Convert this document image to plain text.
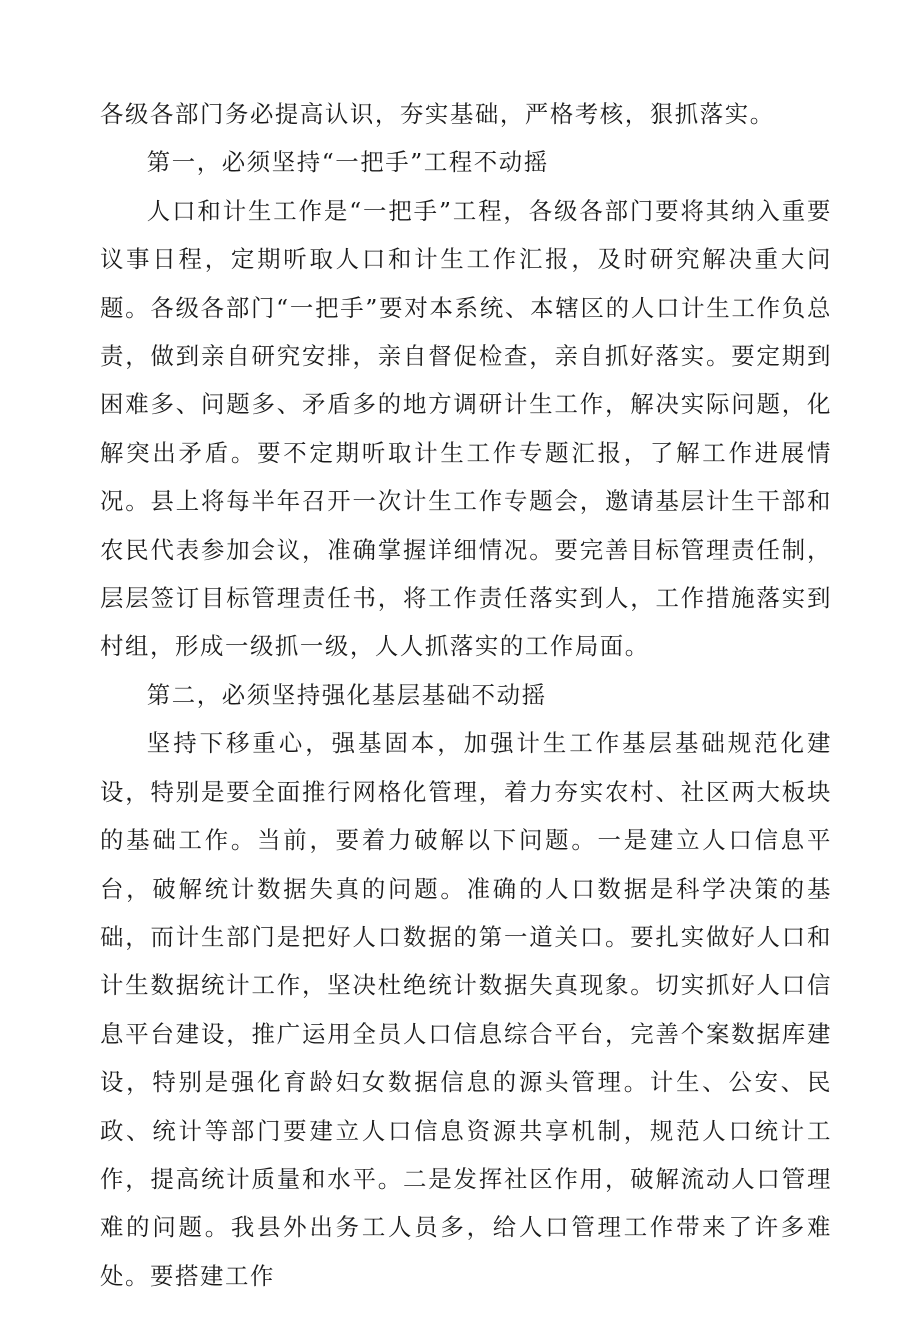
各级各部门务必提高认识，夯实基础，严格考核，狠抓落实。

第一，必须坚持“一把手”工程不动摇

人口和计生工作是“一把手”工程，各级各部门要将其纳入重要议事日程，定期听取人口和计生工作汇报，及时研究解决重大问题。各级各部门“一把手”要对本系统、本辖区的人口计生工作负总责，做到亲自研究安排，亲自督促检查，亲自抓好落实。要定期到困难多、问题多、矛盾多的地方调研计生工作，解决实际问题，化解突出矛盾。要不定期听取计生工作专题汇报，了解工作进展情况。县上将每半年召开一次计生工作专题会，邀请基层计生干部和农民代表参加会议，准确掌握详细情况。要完善目标管理责任制，层层签订目标管理责任书，将工作责任落实到人，工作措施落实到村组，形成一级抓一级，人人抓落实的工作局面。

第二，必须坚持强化基层基础不动摇

坚持下移重心，强基固本，加强计生工作基层基础规范化建设，特别是要全面推行网格化管理，着力夯实农村、社区两大板块的基础工作。当前，要着力破解以下问题。一是建立人口信息平台，破解统计数据失真的问题。准确的人口数据是科学决策的基础，而计生部门是把好人口数据的第一道关口。要扎实做好人口和计生数据统计工作，坚决杜绝统计数据失真现象。切实抓好人口信息平台建设，推广运用全员人口信息综合平台，完善个案数据库建设，特别是强化育龄妇女数据信息的源头管理。计生、公安、民政、统计等部门要建立人口信息资源共享机制，规范人口统计工作，提高统计质量和水平。二是发挥社区作用，破解流动人口管理难的问题。我县外出务工人员多，给人口管理工作带来了许多难处。要搭建工作
